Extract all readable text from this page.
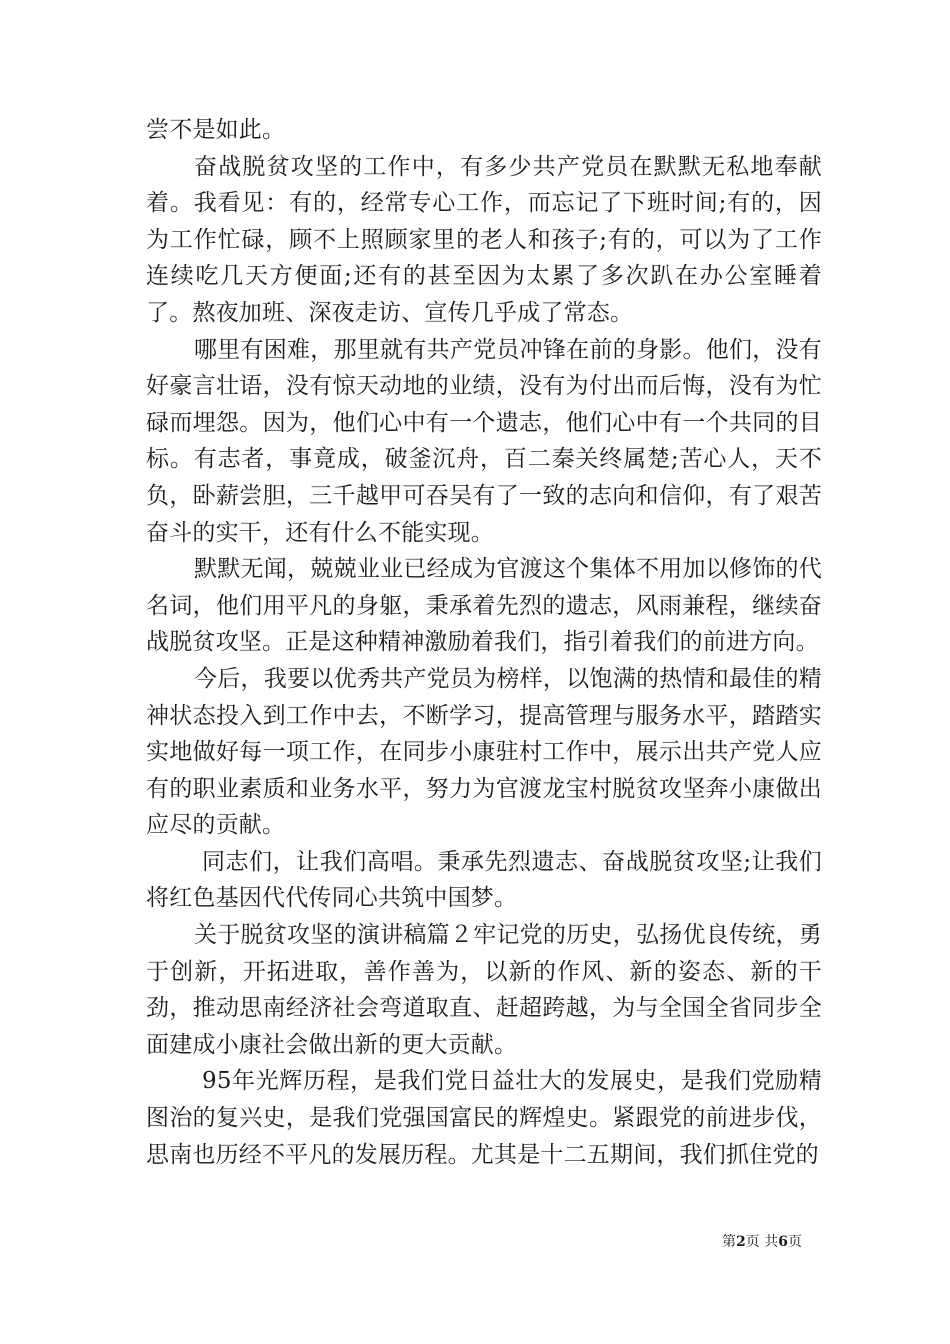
尝不是如此。

奋战脱贫攻坚的工作中，有多少共产党员在默默无私地奉献着。我看见：有的，经常专心工作，而忘记了下班时间;有的，因为工作忙碌，顾不上照顾家里的老人和孩子;有的，可以为了工作连续吃几天方便面;还有的甚至因为太累了多次趴在办公室睡着了。熬夜加班、深夜走访、宣传几乎成了常态。

哪里有困难，那里就有共产党员冲锋在前的身影。他们，没有好豪言壮语，没有惊天动地的业绩，没有为付出而后悔，没有为忙碌而埋怨。因为，他们心中有一个遗志，他们心中有一个共同的目标。有志者，事竟成，破釜沉舟，百二秦关终属楚;苦心人，天不负，卧薪尝胆，三千越甲可吞吴有了一致的志向和信仰，有了艰苦奋斗的实干，还有什么不能实现。

默默无闻，兢兢业业已经成为官渡这个集体不用加以修饰的代名词，他们用平凡的身躯，秉承着先烈的遗志，风雨兼程，继续奋战脱贫攻坚。正是这种精神激励着我们，指引着我们的前进方向。

今后，我要以优秀共产党员为榜样，以饱满的热情和最佳的精神状态投入到工作中去，不断学习，提高管理与服务水平，踏踏实实地做好每一项工作，在同步小康驻村工作中，展示出共产党人应有的职业素质和业务水平，努力为官渡龙宝村脱贫攻坚奔小康做出应尽的贡献。

同志们，让我们高唱。秉承先烈遗志、奋战脱贫攻坚;让我们将红色基因代代传同心共筑中国梦。

关于脱贫攻坚的演讲稿篇２牢记党的历史，弘扬优良传统，勇于创新，开拓进取，善作善为，以新的作风、新的姿态、新的干劲，推动思南经济社会弯道取直、赶超跨越，为与全国全省同步全面建成小康社会做出新的更大贡献。

95年光辉历程，是我们党日益壮大的发展史，是我们党励精图治的复兴史，是我们党强国富民的辉煌史。紧跟党的前进步伐，思南也历经不平凡的发展历程。尤其是十二五期间，我们抓住党的

第2页 共6页
